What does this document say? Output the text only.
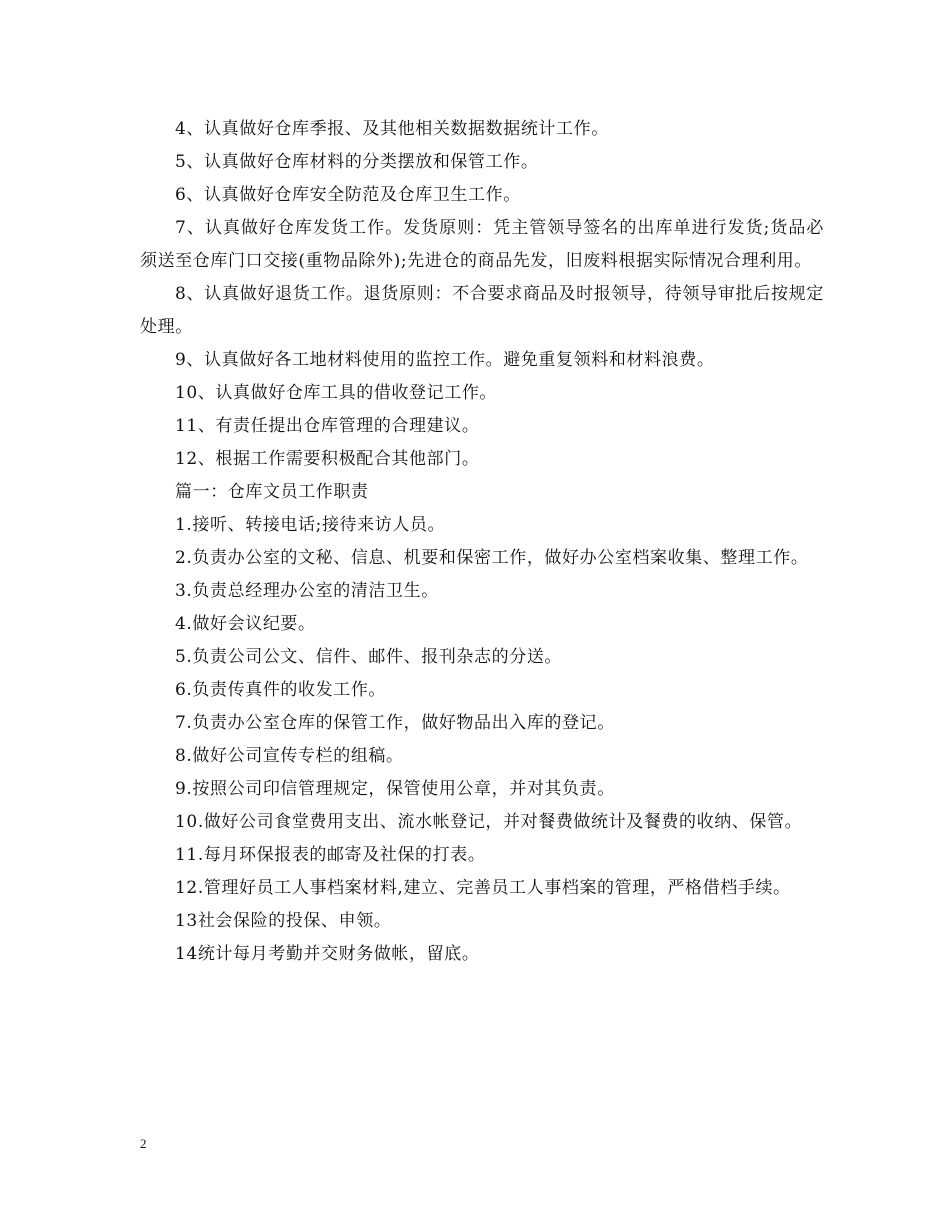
4、认真做好仓库季报、及其他相关数据数据统计工作。

5、认真做好仓库材料的分类摆放和保管工作。

6、认真做好仓库安全防范及仓库卫生工作。

7、认真做好仓库发货工作。发货原则：凭主管领导签名的出库单进行发货;货品必须送至仓库门口交接(重物品除外);先进仓的商品先发，旧废料根据实际情况合理利用。

8、认真做好退货工作。退货原则：不合要求商品及时报领导，待领导审批后按规定处理。

9、认真做好各工地材料使用的监控工作。避免重复领料和材料浪费。

10、认真做好仓库工具的借收登记工作。

11、有责任提出仓库管理的合理建议。

12、根据工作需要积极配合其他部门。

篇一：仓库文员工作职责

1.接听、转接电话;接待来访人员。

2.负责办公室的文秘、信息、机要和保密工作，做好办公室档案收集、整理工作。

3.负责总经理办公室的清洁卫生。

4.做好会议纪要。

5.负责公司公文、信件、邮件、报刊杂志的分送。

6.负责传真件的收发工作。

7.负责办公室仓库的保管工作，做好物品出入库的登记。

8.做好公司宣传专栏的组稿。

9.按照公司印信管理规定，保管使用公章，并对其负责。

10.做好公司食堂费用支出、流水帐登记，并对餐费做统计及餐费的收纳、保管。

11.每月环保报表的邮寄及社保的打表。

12.管理好员工人事档案材料,建立、完善员工人事档案的管理，严格借档手续。

13社会保险的投保、申领。

14统计每月考勤并交财务做帐，留底。

2
